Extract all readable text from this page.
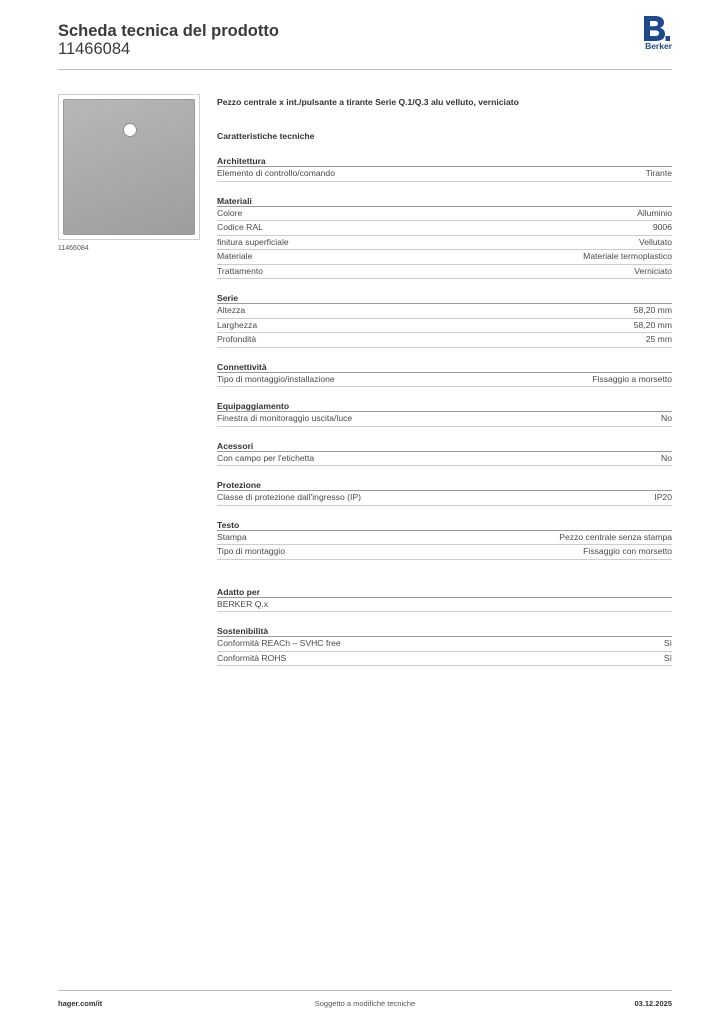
Scheda tecnica del prodotto
11466084	Berker
11466084
Pezzo centrale x int./pulsante a tirante Serie Q.1/Q.3 alu velluto, verniciato
Caratteristiche tecniche
Architettura
Elemento di controllo/comando	Tirante
Materiali
Colore	Alluminio
Codice RAL	9006
finitura superficiale	Vellutato
Materiale	Materiale termoplastico
Trattamento	Verniciato
Serie
Altezza	58,20 mm
Larghezza	58,20 mm
Profondità	25 mm
Connettività
Tipo di montaggio/installazione	Fissaggio a morsetto
Equipaggiamento
Finestra di monitoraggio uscita/luce	No
Acessori
Con campo per l'etichetta	No
Protezione
Classe di protezione dall'ingresso (IP)	IP20
Testo
Stampa	Pezzo centrale senza stampa
Tipo di montaggio	Fissaggio con morsetto
Adatto per
BERKER Q.x
Sostenibilità
Conformità REACh – SVHC free	Sì
Conformità ROHS	Sì
hager.com/it	Soggetto a modifiche tecniche	03.12.2025
